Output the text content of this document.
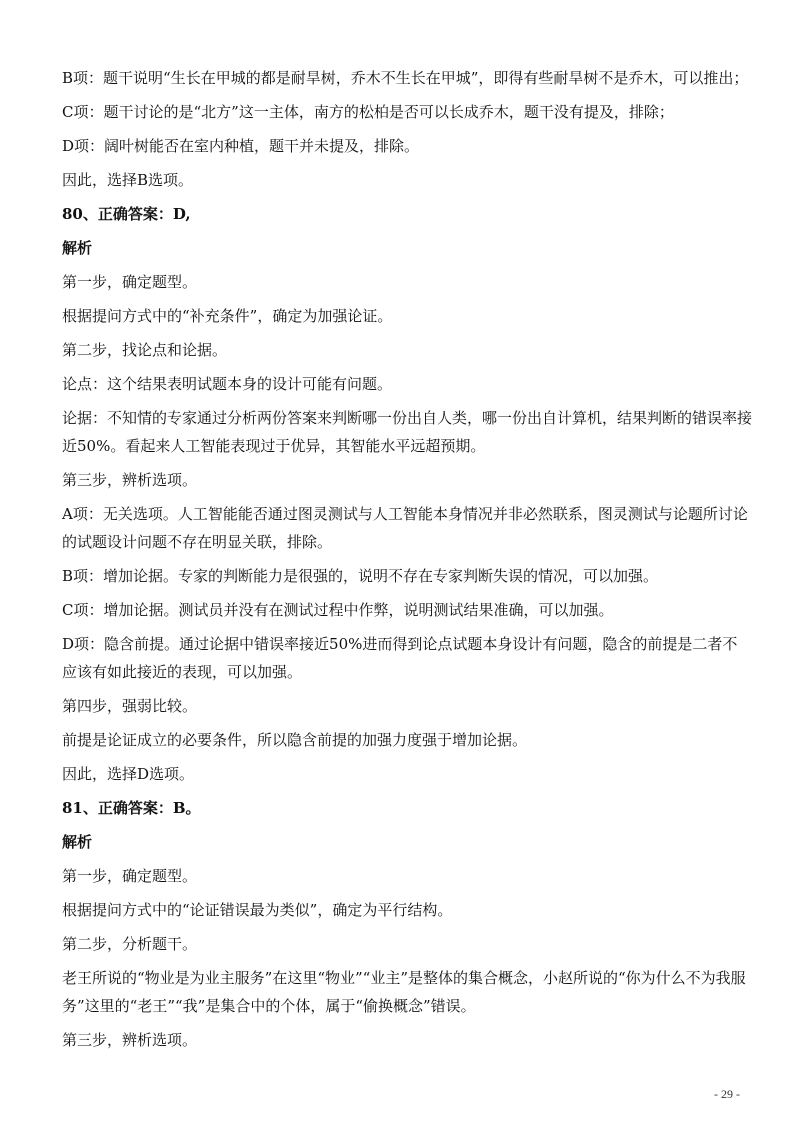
B项：题干说明“生长在甲城的都是耐旱树，乔木不生长在甲城”，即得有些耐旱树不是乔木，可以推出；

C项：题干讨论的是“北方”这一主体，南方的松柏是否可以长成乔木，题干没有提及，排除；

D项：阔叶树能否在室内种植，题干并未提及，排除。

因此，选择B选项。

80、正确答案：D,

解析

第一步，确定题型。

根据提问方式中的“补充条件”，确定为加强论证。

第二步，找论点和论据。

论点：这个结果表明试题本身的设计可能有问题。

论据：不知情的专家通过分析两份答案来判断哪一份出自人类，哪一份出自计算机，结果判断的错误率接近50%。看起来人工智能表现过于优异，其智能水平远超预期。

第三步，辨析选项。

A项：无关选项。人工智能能否通过图灵测试与人工智能本身情况并非必然联系，图灵测试与论题所讨论的试题设计问题不存在明显关联，排除。

B项：增加论据。专家的判断能力是很强的，说明不存在专家判断失误的情况，可以加强。

C项：增加论据。测试员并没有在测试过程中作弊，说明测试结果准确，可以加强。

D项：隐含前提。通过论据中错误率接近50%进而得到论点试题本身设计有问题，隐含的前提是二者不应该有如此接近的表现，可以加强。

第四步，强弱比较。

前提是论证成立的必要条件，所以隐含前提的加强力度强于增加论据。

因此，选择D选项。

81、正确答案：B。

解析

第一步，确定题型。

根据提问方式中的“论证错误最为类似”，确定为平行结构。

第二步，分析题干。

老王所说的“物业是为业主服务”在这里“物业”“业主”是整体的集合概念，小赵所说的“你为什么不为我服务”这里的“老王”“我”是集合中的个体，属于“偷换概念”错误。

第三步，辨析选项。

- 29 -
